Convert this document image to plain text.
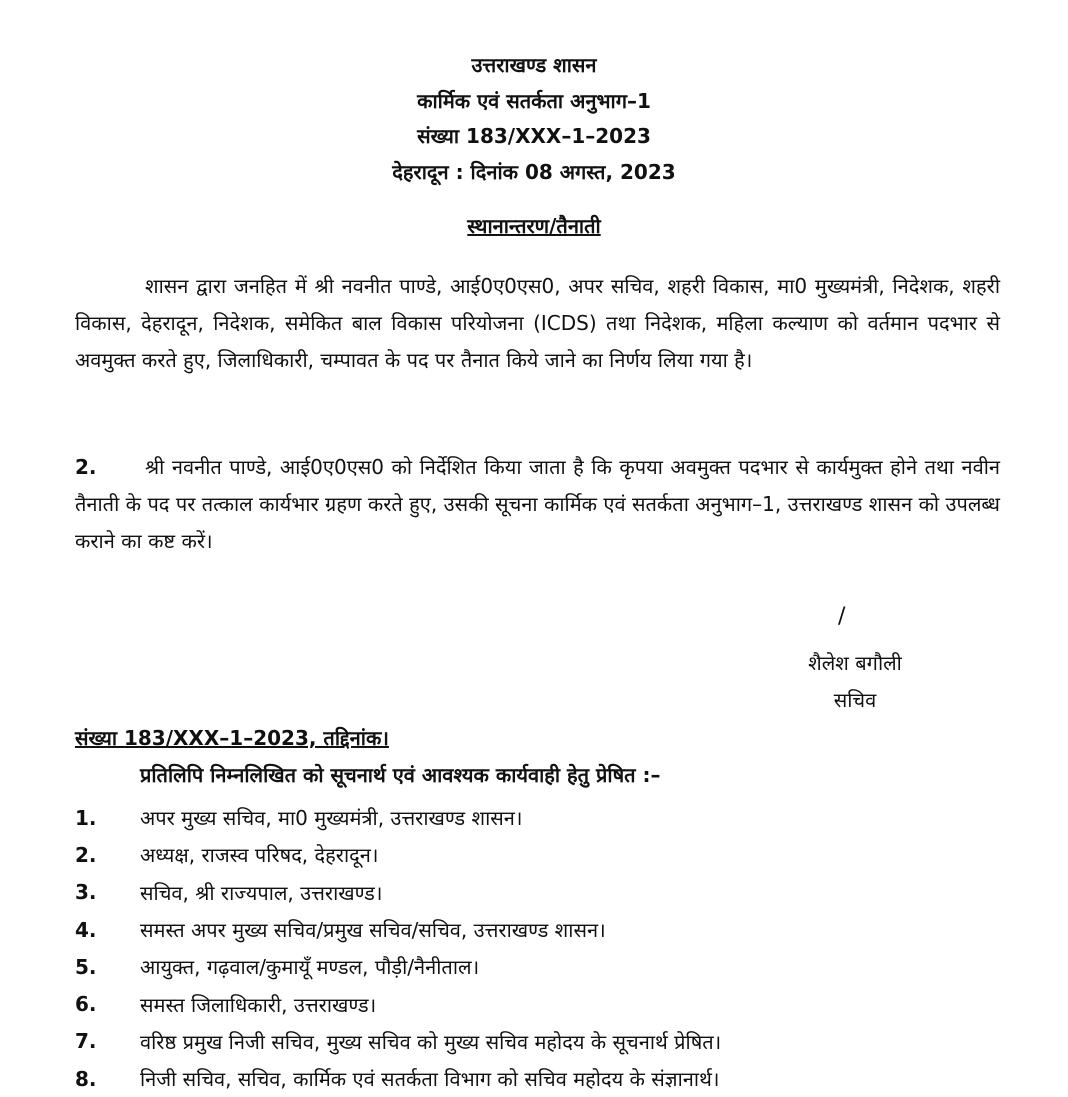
उत्तराखण्ड शासन
कार्मिक एवं सतर्कता अनुभाग–1
संख्या 183/XXX–1–2023
देहरादून : दिनांक 08 अगस्त, 2023
स्थानान्तरण/तैनाती
शासन द्वारा जनहित में श्री नवनीत पाण्डे, आई0ए0एस0, अपर सचिव, शहरी विकास, मा0 मुख्यमंत्री, निदेशक, शहरी विकास, देहरादून, निदेशक, समेकित बाल विकास परियोजना (ICDS) तथा निदेशक, महिला कल्याण को वर्तमान पदभार से अवमुक्त करते हुए, जिलाधिकारी, चम्पावत के पद पर तैनात किये जाने का निर्णय लिया गया है।
2. श्री नवनीत पाण्डे, आई0ए0एस0 को निर्देशित किया जाता है कि कृपया अवमुक्त पदभार से कार्यमुक्त होने तथा नवीन तैनाती के पद पर तत्काल कार्यभार ग्रहण करते हुए, उसकी सूचना कार्मिक एवं सतर्कता अनुभाग–1, उत्तराखण्ड शासन को उपलब्ध कराने का कष्ट करें।
/
शैलेश बगौली
सचिव
संख्या 183/XXX–1–2023, तद्दिनांक।
प्रतिलिपि निम्नलिखित को सूचनार्थ एवं आवश्यक कार्यवाही हेतु प्रेषित :–
1.	अपर मुख्य सचिव, मा0 मुख्यमंत्री, उत्तराखण्ड शासन।
2.	अध्यक्ष, राजस्व परिषद, देहरादून।
3.	सचिव, श्री राज्यपाल, उत्तराखण्ड।
4.	समस्त अपर मुख्य सचिव/प्रमुख सचिव/सचिव, उत्तराखण्ड शासन।
5.	आयुक्त, गढ़वाल/कुमायूँ मण्डल, पौड़ी/नैनीताल।
6.	समस्त जिलाधिकारी, उत्तराखण्ड।
7.	वरिष्ठ प्रमुख निजी सचिव, मुख्य सचिव को मुख्य सचिव महोदय के सूचनार्थ प्रेषित।
8.	निजी सचिव, सचिव, कार्मिक एवं सतर्कता विभाग को सचिव महोदय के संज्ञानार्थ।
